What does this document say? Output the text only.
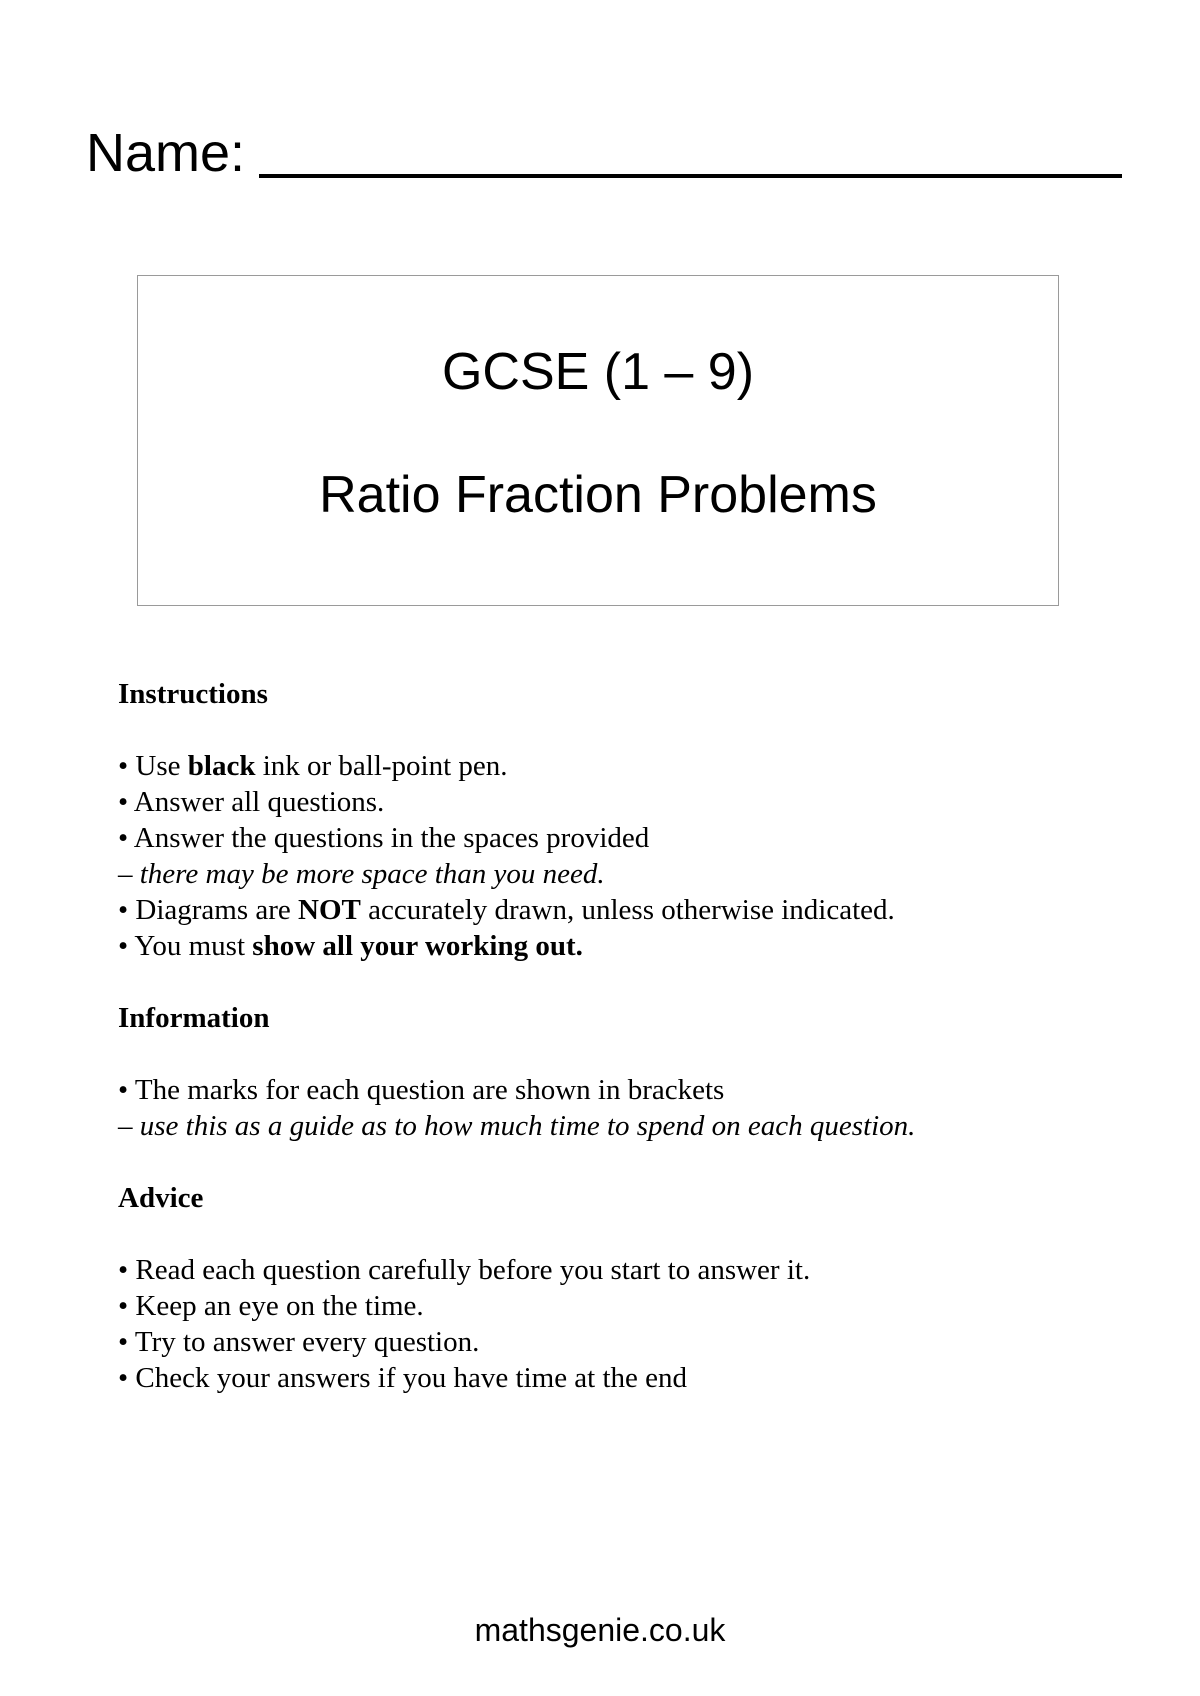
Name:
GCSE (1 – 9)
Ratio Fraction Problems
Instructions
• Use black ink or ball-point pen.
• Answer all questions.
• Answer the questions in the spaces provided
– there may be more space than you need.
• Diagrams are NOT accurately drawn, unless otherwise indicated.
• You must show all your working out.
Information
• The marks for each question are shown in brackets
– use this as a guide as to how much time to spend on each question.
Advice
• Read each question carefully before you start to answer it.
• Keep an eye on the time.
• Try to answer every question.
• Check your answers if you have time at the end
mathsgenie.co.uk
